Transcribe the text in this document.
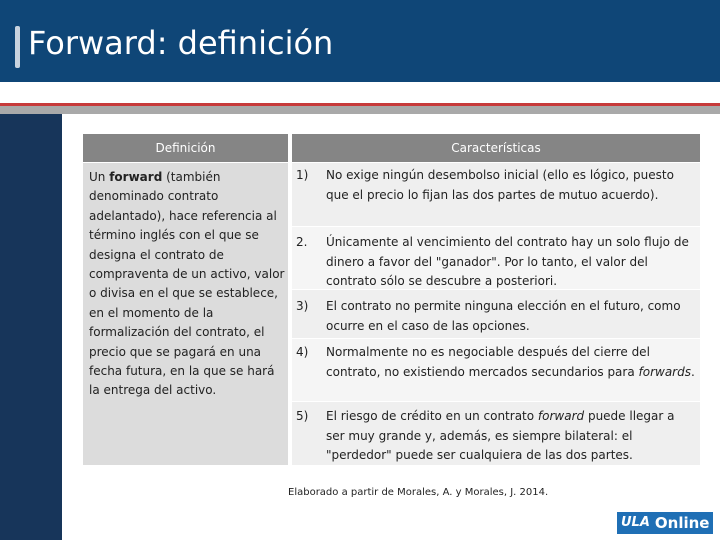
Forward: definición
Definición	Características
Un forward (también denominado contrato adelantado), hace referencia al término inglés con el que se designa el contrato de compraventa de un activo, valor o divisa en el que se establece, en el momento de la formalización del contrato, el precio que se pagará en una fecha futura, en la que se hará la entrega del activo.
1)	No exige ningún desembolso inicial (ello es lógico, puesto que el precio lo fijan las dos partes de mutuo acuerdo).
2.	Únicamente al vencimiento del contrato hay un solo flujo de dinero a favor del "ganador". Por lo tanto, el valor del contrato sólo se descubre a posteriori.
3)	El contrato no permite ninguna elección en el futuro, como ocurre en el caso de las opciones.
4)	Normalmente no es negociable después del cierre del contrato, no existiendo mercados secundarios para forwards.
5)	El riesgo de crédito en un contrato forward puede llegar a ser muy grande y, además, es siempre bilateral: el "perdedor" puede ser cualquiera de las dos partes.
Elaborado a partir de Morales, A. y Morales, J. 2014.
ULA Online
